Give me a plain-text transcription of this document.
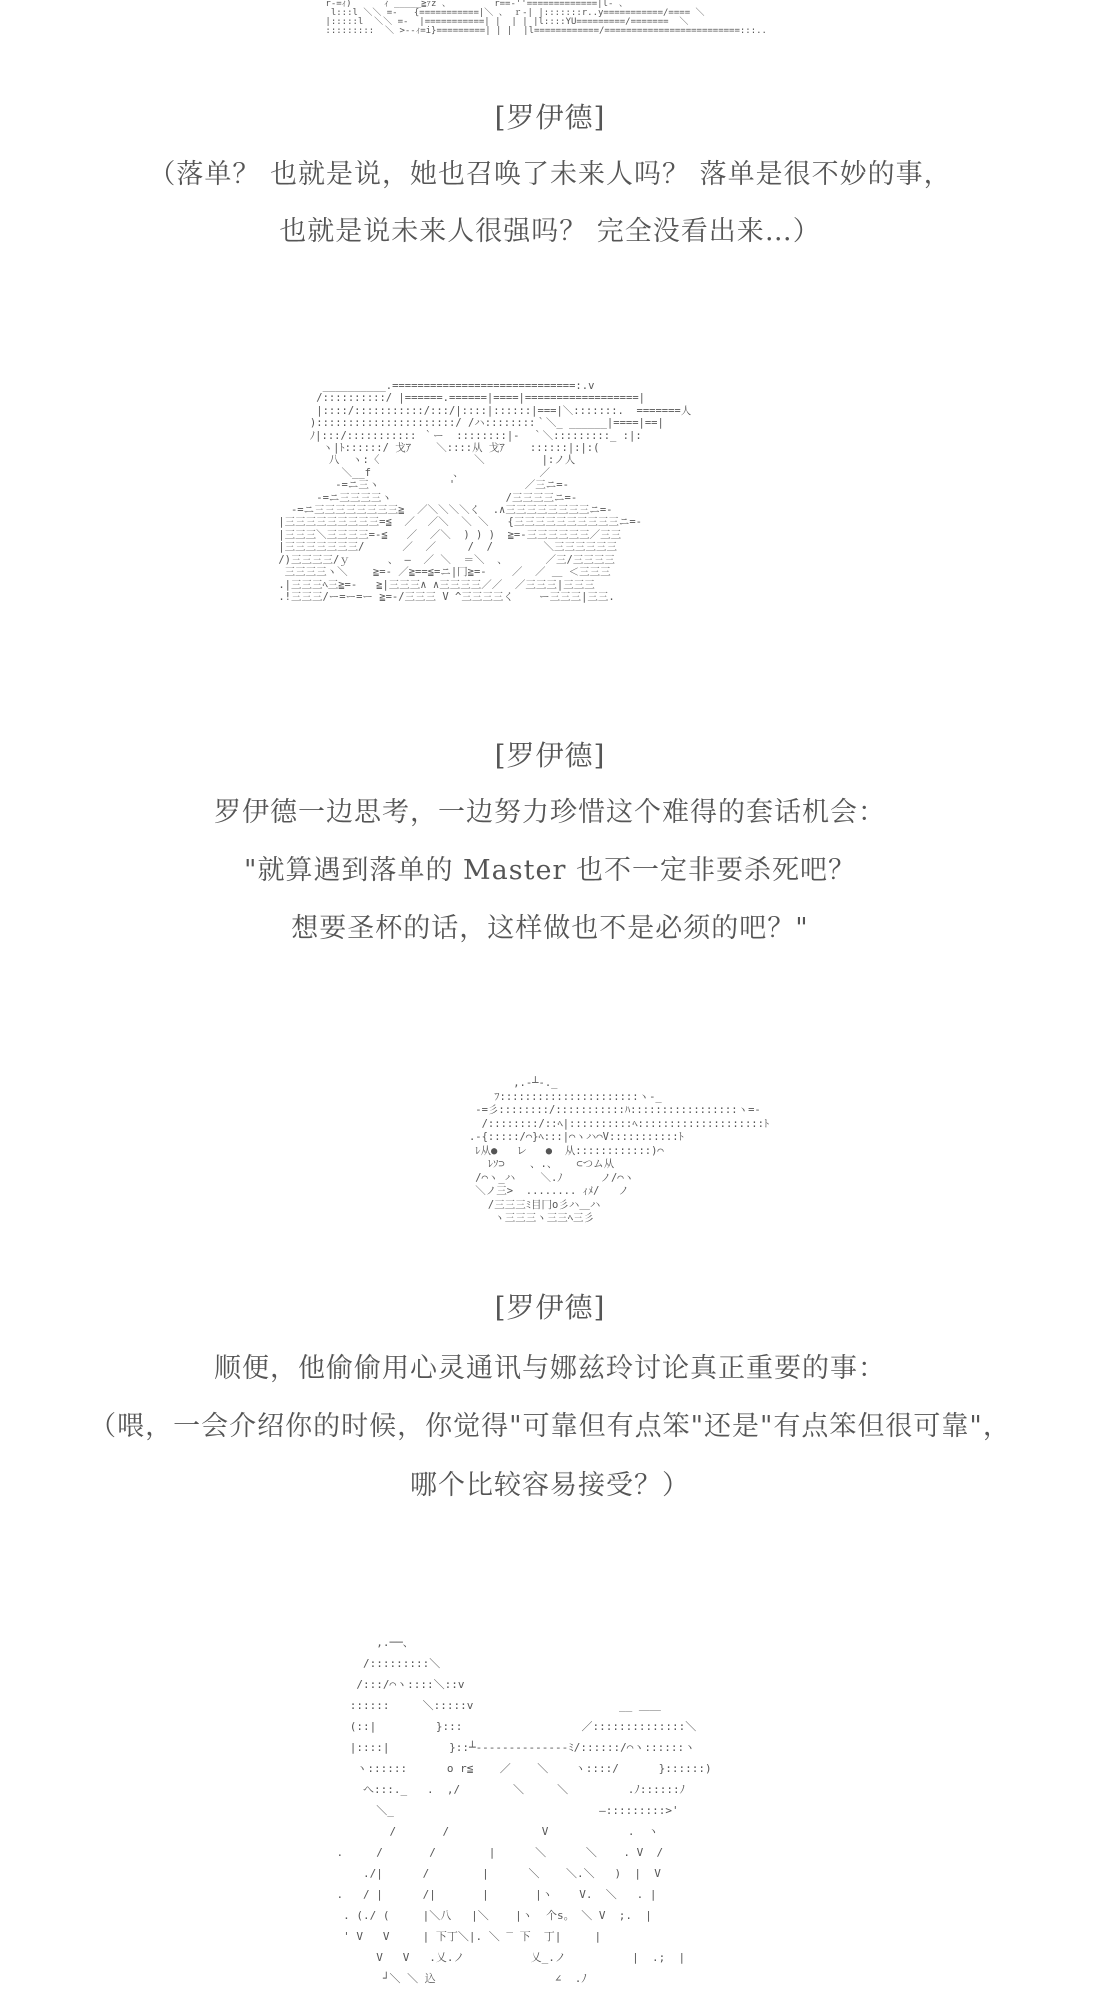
r-=ｨ)      ｨ _____≧ｧz 、        r==-''=============|l- 、
l:::l ＼＼ =-   {===========|＼ 、 ｒ-| |:::::::r..y===========/==== ＼
|:::::l  ＼＼ =-  |===========| |  | | |l::::YU=========/=======  ＼
:::::::::  ＼ >--ｨ=i}=========| | |  |l============/=========================:::..
[罗伊德]
（落单？ 也就是说，她也召唤了未来人吗？ 落单是很不妙的事，
也就是说未来人很强吗？ 完全没看出来…）
__________.=============================:.v
/::::::::::/ |======.======|====|==================|
|::::/:::::::::::/:::/|::::|::::::|===|＼:::::::.  =======人
)::::::::::::::::::::::/ /ハ::::::::｀＼_ ______|====|==|
ﾉ|:::/::::::::::: ｀ー  ::::::::|-  ｀＼:::::::::_ :|:
ヽ|ﾄ::::::/ 戈ｱ    ＼::::从 戈ｱ    ::::::|:|:(
八  ヽ:〈               ＼         |:ノ人
＼__f             、            ／
-=ニ三ヽ           '           ／三ニ=-
-=ニ三三三三ヽ                  /三三三三ニ=-
-=ニ三三三三三三三三≧  ／＼＼＼＼く  .∧三三三三三三三三ニ=-
|三三三三三三三三三=≦  ／  ／＼  ＼ ＼   {三三三三三三三三三三ニ=-
|三三三＼三三三三=-≦   ／  ／＼  ) ) )  ≧=-三三三三三三／三三
|三三三三三三三/      ／  ／     /  /        ＼三三三三三三
/)三三三三/ｙ      、 ―  ／ ＼  ＝＼  、      ／三/三三三三
三三三三ヽ＼    ≧=- ／≧==≦=ニ|冂≧=-    ／  ／ ＿ ＜三三三
.|三三三ﾍ三≧=-   ≧|三三三∧ ∧三三三三／／  ／三三三|三三三
.!三三三/ー=ー=ー ≧=-/三三三 V ^三三三三く    ー三三三|三三.
[罗伊德]
罗伊德一边思考，一边努力珍惜这个难得的套话机会：
"就算遇到落单的 Master 也不一定非要杀死吧？
想要圣杯的话，这样做也不是必须的吧？"
,.-┴-._
ﾌ::::::::::::::::::::::ヽ-_
-=彡::::::::/:::::::::::ﾊ:::::::::::::::::ヽ=-
/::::::::/::ﾍ|::::::::::ﾍ::::::::::::::::::::ﾄ
.-{:::::/⌒}ﾍ:::|⌒ヽハ⌒V:::::::::::ﾄ
ﾚ从●   レ   ●  从::::::::::::)⌒
ﾚｿ⊃    、.、   ⊂つム从
/⌒ヽ_ハ    ＼.ﾉ      ノ/⌒ヽ
＼ノ三>  ........ ｨﾒ/   ノ
/三三三ﾐ目冂o彡ハ＿ハ
ヽ三三三ヽ三三ﾍ三彡
[罗伊德]
顺便，他偷偷用心灵通讯与娜兹玲讨论真正重要的事：
（喂，一会介绍你的时候，你觉得"可靠但有点笨"还是"有点笨但很可靠"，
哪个比较容易接受？）
,.──、
/:::::::::＼
/:::/⌒ヽ::::＼::v
::::::     ＼:::::v                      __ ＿＿
(::|         }:::                  ／::::::::::::::＼
|::::|         }::┴--------------ﾐ/::::::/⌒ヽ::::::ヽ
ヽ::::::      o r≦    ／    ＼    ヽ::::/      }::::::)
へ:::._   .  ,/        ＼     ＼         .ﾉ::::::ﾉ
＼_                               ―:::::::::>'
/       /              V            .  ヽ
.     /       /        |      ＼      ＼    . V  /
./|      /        |      ＼    ＼.＼   )  |  V
.   / |      /|       |       |ヽ    V.  ＼   . |
. (./ (     |＼八   |＼    |ヽ  个s。 ＼ V  ;.  |
' V   V     | 下丁＼|. ＼ ‾ 下  丁|     |
V   V   .乂.ノ          乂_.ノ          |  .;  |
┘＼ ＼ 込                  ∠  .ﾉ
